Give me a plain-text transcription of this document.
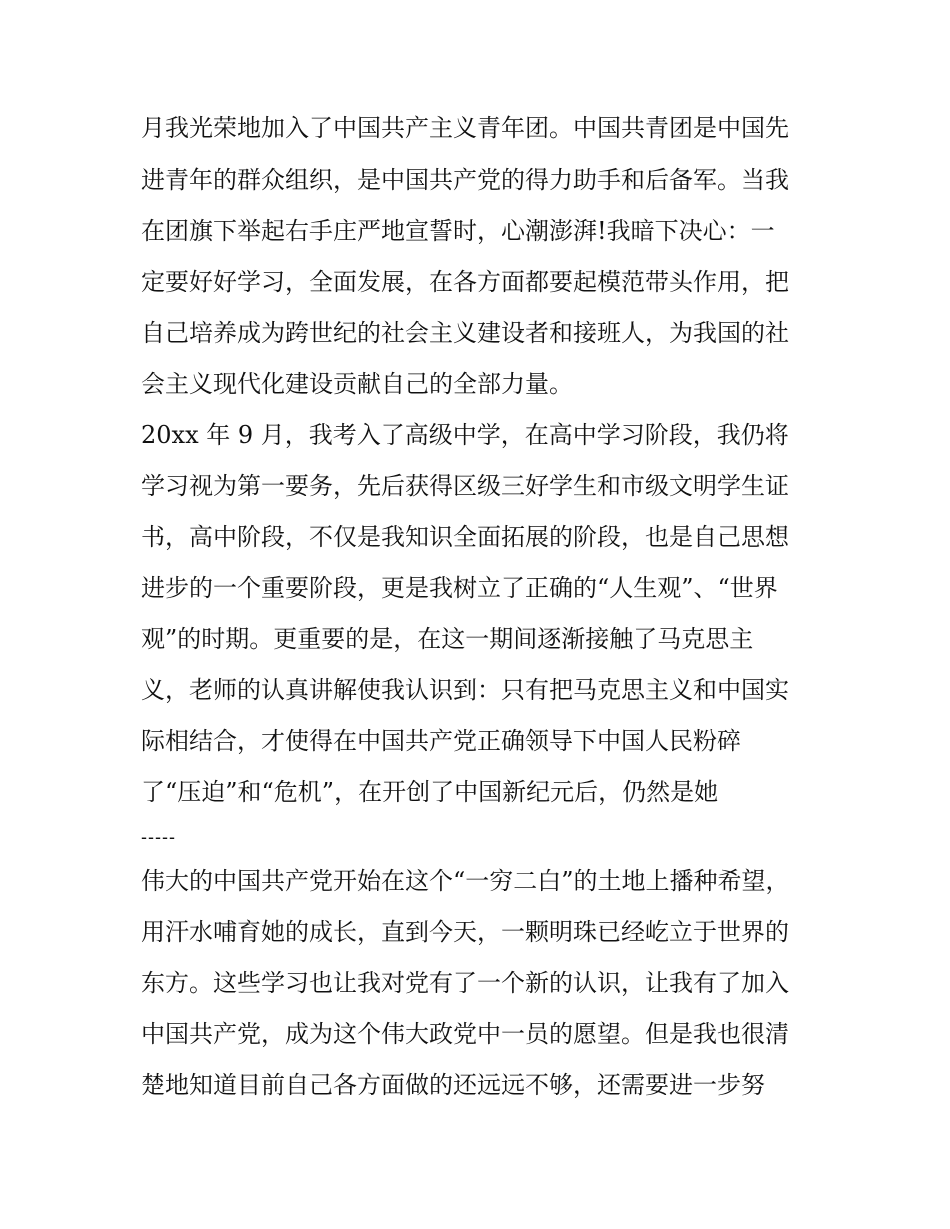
月我光荣地加入了中国共产主义青年团。中国共青团是中国先
进青年的群众组织，是中国共产党的得力助手和后备军。当我
在团旗下举起右手庄严地宣誓时，心潮澎湃!我暗下决心：一
定要好好学习，全面发展，在各方面都要起模范带头作用，把
自己培养成为跨世纪的社会主义建设者和接班人，为我国的社
会主义现代化建设贡献自己的全部力量。
20xx 年 9 月，我考入了高级中学，在高中学习阶段，我仍将
学习视为第一要务，先后获得区级三好学生和市级文明学生证
书，高中阶段，不仅是我知识全面拓展的阶段，也是自己思想
进步的一个重要阶段，更是我树立了正确的“人生观”、“世界
观”的时期。更重要的是，在这一期间逐渐接触了马克思主
义，老师的认真讲解使我认识到：只有把马克思主义和中国实
际相结合，才使得在中国共产党正确领导下中国人民粉碎
了“压迫”和“危机”，在开创了中国新纪元后，仍然是她
-----
伟大的中国共产党开始在这个“一穷二白”的土地上播种希望，
用汗水哺育她的成长，直到今天，一颗明珠已经屹立于世界的
东方。这些学习也让我对党有了一个新的认识，让我有了加入
中国共产党，成为这个伟大政党中一员的愿望。但是我也很清
楚地知道目前自己各方面做的还远远不够，还需要进一步努
